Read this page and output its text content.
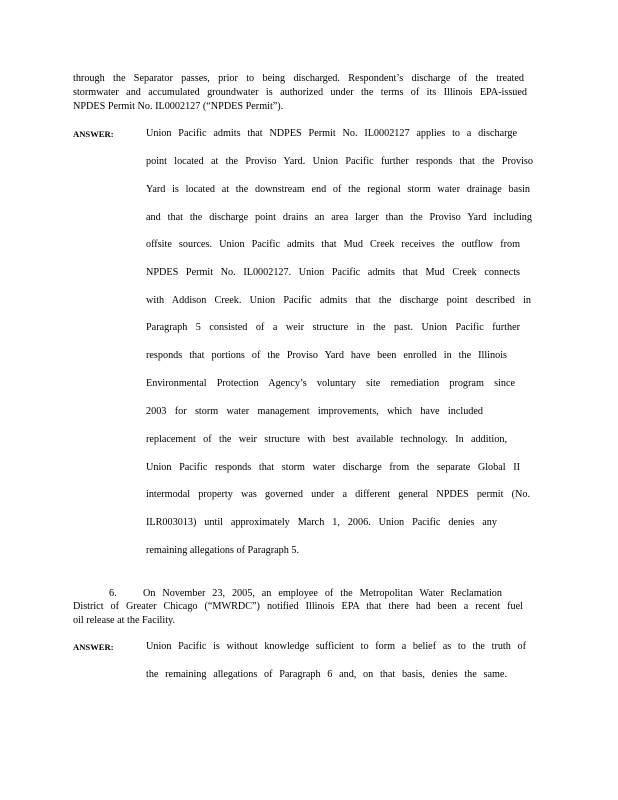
through the Separator passes, prior to being discharged. Respondent’s discharge of the treated
stormwater and accumulated groundwater is authorized under the terms of its Illinois EPA-issued
NPDES Permit No. IL0002127 (“NPDES Permit”).
ANSWER:	Union Pacific admits that NDPES Permit No. IL0002127 applies to a discharge
point located at the Proviso Yard. Union Pacific further responds that the Proviso
Yard is located at the downstream end of the regional storm water drainage basin
and that the discharge point drains an area larger than the Proviso Yard including
offsite sources. Union Pacific admits that Mud Creek receives the outflow from
NPDES Permit No. IL0002127. Union Pacific admits that Mud Creek connects
with Addison Creek. Union Pacific admits that the discharge point described in
Paragraph 5 consisted of a weir structure in the past. Union Pacific further
responds that portions of the Proviso Yard have been enrolled in the Illinois
Environmental Protection Agency’s voluntary site remediation program since
2003 for storm water management improvements, which have included
replacement of the weir structure with best available technology. In addition,
Union Pacific responds that storm water discharge from the separate Global II
intermodal property was governed under a different general NPDES permit (No.
ILR003013) until approximately March 1, 2006. Union Pacific denies any
remaining allegations of Paragraph 5.
6.	On November 23, 2005, an employee of the Metropolitan Water Reclamation
District of Greater Chicago (“MWRDC”) notified Illinois EPA that there had been a recent fuel
oil release at the Facility.
ANSWER:	Union Pacific is without knowledge sufficient to form a belief as to the truth of
the remaining allegations of Paragraph 6 and, on that basis, denies the same.
